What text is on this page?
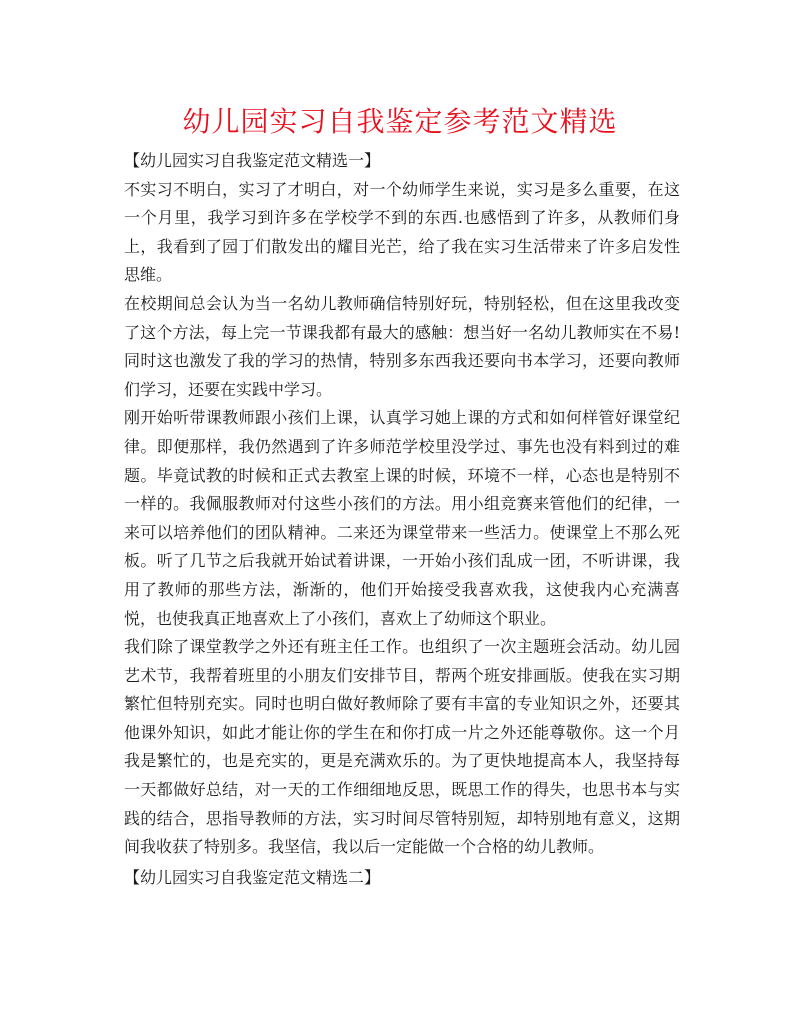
幼儿园实习自我鉴定参考范文精选
【幼儿园实习自我鉴定范文精选一】

不实习不明白，实习了才明白，对一个幼师学生来说，实习是多么重要，在这一个月里，我学习到许多在学校学不到的东西.也感悟到了许多，从教师们身上，我看到了园丁们散发出的耀目光芒，给了我在实习生活带来了许多启发性思维。

在校期间总会认为当一名幼儿教师确信特别好玩，特别轻松，但在这里我改变了这个方法，每上完一节课我都有最大的感触：想当好一名幼儿教师实在不易!同时这也激发了我的学习的热情，特别多东西我还要向书本学习，还要向教师们学习，还要在实践中学习。

刚开始听带课教师跟小孩们上课，认真学习她上课的方式和如何样管好课堂纪律。即便那样，我仍然遇到了许多师范学校里没学过、事先也没有料到过的难题。毕竟试教的时候和正式去教室上课的时候，环境不一样，心态也是特别不一样的。我佩服教师对付这些小孩们的方法。用小组竞赛来管他们的纪律，一来可以培养他们的团队精神。二来还为课堂带来一些活力。使课堂上不那么死板。听了几节之后我就开始试着讲课，一开始小孩们乱成一团，不听讲课，我用了教师的那些方法，渐渐的，他们开始接受我喜欢我，这使我内心充满喜悦，也使我真正地喜欢上了小孩们，喜欢上了幼师这个职业。

我们除了课堂教学之外还有班主任工作。也组织了一次主题班会活动。幼儿园艺术节，我帮着班里的小朋友们安排节目，帮两个班安排画版。使我在实习期繁忙但特别充实。同时也明白做好教师除了要有丰富的专业知识之外，还要其他课外知识，如此才能让你的学生在和你打成一片之外还能尊敬你。这一个月我是繁忙的，也是充实的，更是充满欢乐的。为了更快地提高本人，我坚持每一天都做好总结，对一天的工作细细地反思，既思工作的得失，也思书本与实践的结合，思指导教师的方法，实习时间尽管特别短，却特别地有意义，这期间我收获了特别多。我坚信，我以后一定能做一个合格的幼儿教师。

【幼儿园实习自我鉴定范文精选二】
